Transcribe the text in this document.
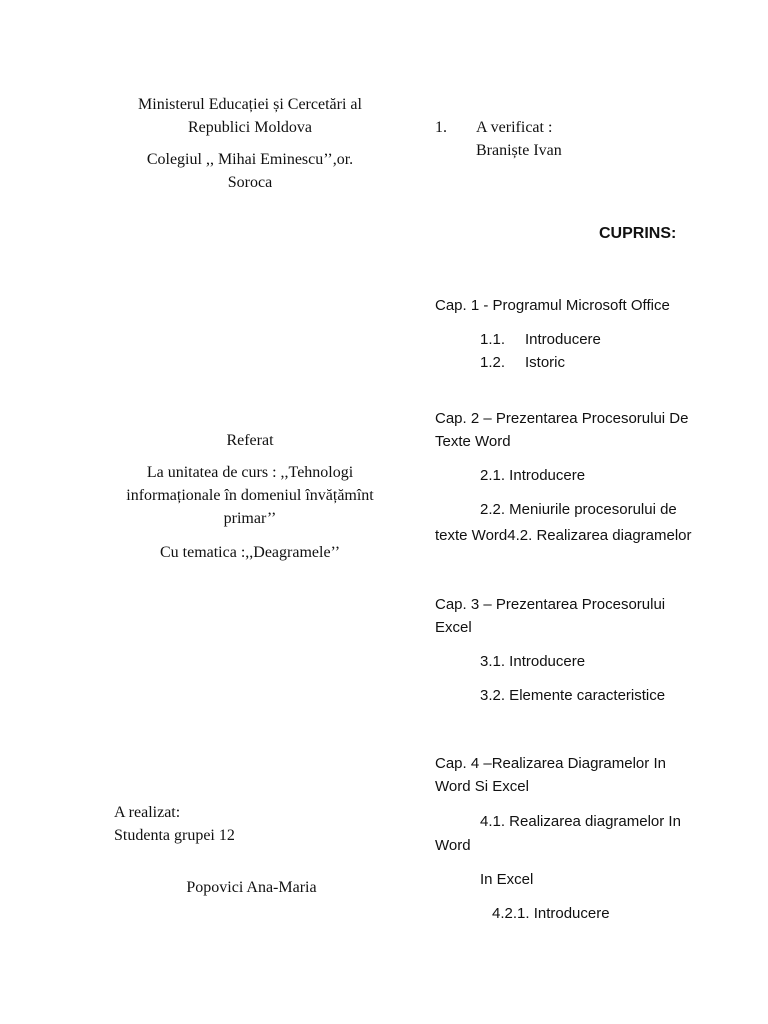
Ministerul Educației și Cercetări al
Republici Moldova
Colegiul ,, Mihai Eminescu’’,or.
Soroca
Referat
La unitatea de curs : ,,Tehnologi
informaționale în domeniul învățămînt
primar’’
Cu tematica :,,Deagramele’’
A realizat:
Studenta grupei 12
Popovici Ana-Maria
1. A verificat :
Braniște Ivan
CUPRINS:
Cap. 1 - Programul Microsoft Office
1.1. Introducere
1.2. Istoric
Cap. 2 – Prezentarea Procesorului De
Texte Word
2.1. Introducere
2.2. Meniurile procesorului de
texte Word4.2. Realizarea diagramelor
Cap. 3 – Prezentarea Procesorului
Excel
3.1. Introducere
3.2. Elemente caracteristice
Cap. 4 –Realizarea Diagramelor In
Word Si Excel
4.1. Realizarea diagramelor In
Word
In Excel
4.2.1. Introducere
